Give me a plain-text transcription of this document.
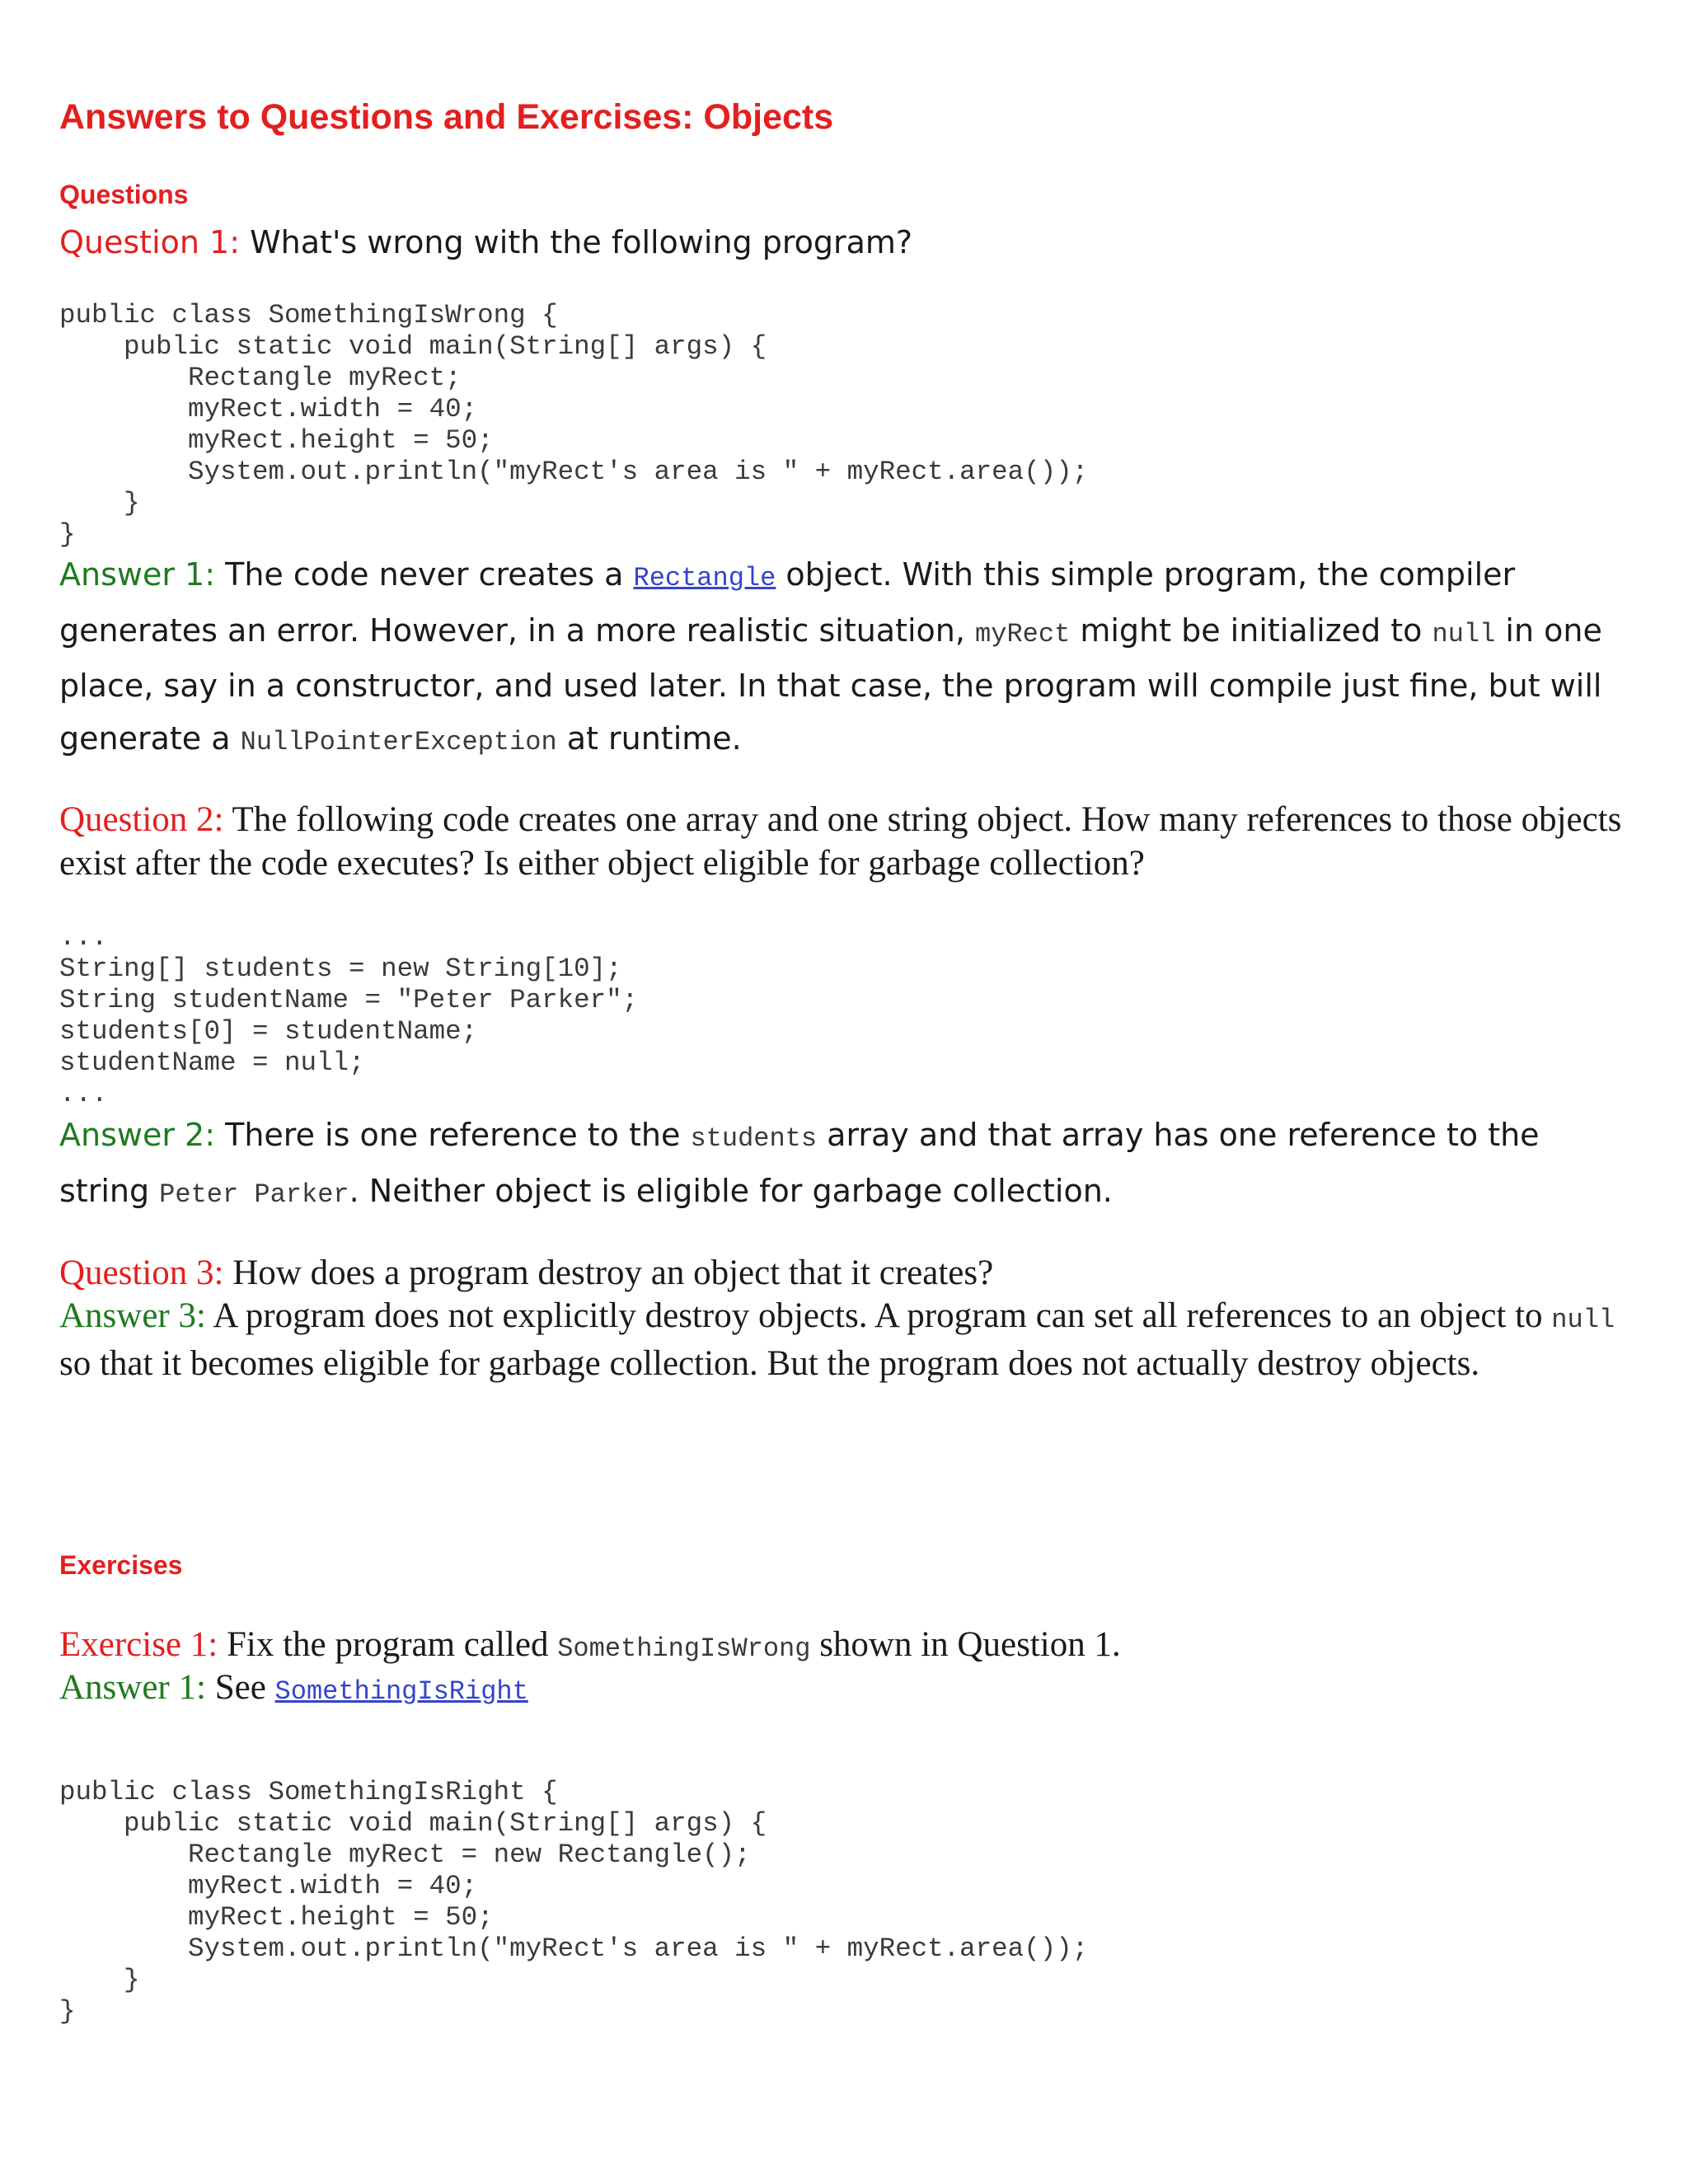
Answers to Questions and Exercises: Objects
Questions

Question 1: What's wrong with the following program?

public class SomethingIsWrong {
public static void main(String[] args) {
Rectangle myRect;
myRect.width = 40;
myRect.height = 50;
System.out.println("myRect's area is " + myRect.area());
}
}

Answer 1: The code never creates a Rectangle object. With this simple program, the compiler generates an error. However, in a more realistic situation, myRect might be initialized to null in one place, say in a constructor, and used later. In that case, the program will compile just fine, but will generate a NullPointerException at runtime.

Question 2: The following code creates one array and one string object. How many references to those objects exist after the code executes? Is either object eligible for garbage collection?

...
String[] students = new String[10];
String studentName = "Peter Parker";
students[0] = studentName;
studentName = null;
...

Answer 2: There is one reference to the students array and that array has one reference to the string Peter Parker. Neither object is eligible for garbage collection.

Question 3: How does a program destroy an object that it creates?

Answer 3: A program does not explicitly destroy objects. A program can set all references to an object to null so that it becomes eligible for garbage collection. But the program does not actually destroy objects.

Exercises

Exercise 1: Fix the program called SomethingIsWrong shown in Question 1.

Answer 1: See SomethingIsRight

public class SomethingIsRight {
public static void main(String[] args) {
Rectangle myRect = new Rectangle();
myRect.width = 40;
myRect.height = 50;
System.out.println("myRect's area is " + myRect.area());
}
}
